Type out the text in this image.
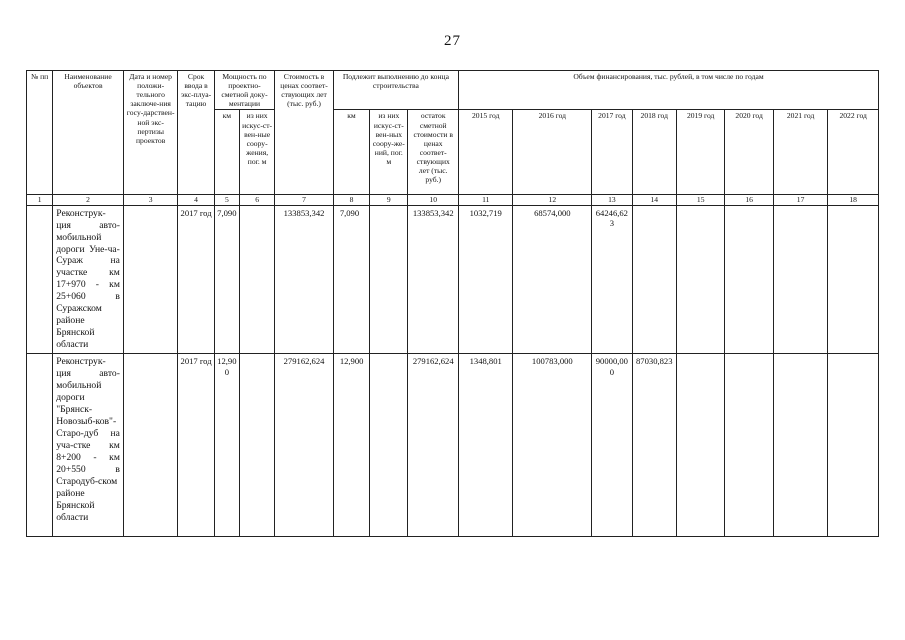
27
№ пп	Наименование объектов	Дата и номер положи-тельного заключе-ния госу-дарствен-ной экс-пертизы проектов	Срок ввода в экс-плуа-тацию	Мощность по проектно-сметной доку-ментации		Стоимость в ценах соответ-ствующих лет (тыс. руб.)	Подлежит выполнению до конца строительства			Объем финансирования, тыс. рублей, в том числе по годам							
				км	из них искус-ст-вен-ные соору-жения, пог. м		км	из них искус-ст-вен-ных соору-же-ний, пог. м	остаток сметной стоимости в ценах соответ-ствующих лет (тыс. руб.)	2015 год	2016 год	2017 год	2018 год	2019 год	2020 год	2021 год	2022 год
1	2	3	4	5	6	7	8	9	10	11	12	13	14	15	16	17	18
	Реконструк-ция авто-мобильной дороги Уне-ча-Сураж на участке км 17+970 - км 25+060 в Суражском районе Брянской области		2017 год	7,090		133853,342	7,090		133853,342	1032,719	68574,000	64246,623					
	Реконструк-ция авто-мобильной дороги "Брянск-Новозыб-ков"-Старо-дуб на уча-стке км 8+200 - км 20+550 в Стародуб-ском районе Брянской области		2017 год	12,900		279162,624	12,900		279162,624	1348,801	100783,000	90000,000	87030,823				
